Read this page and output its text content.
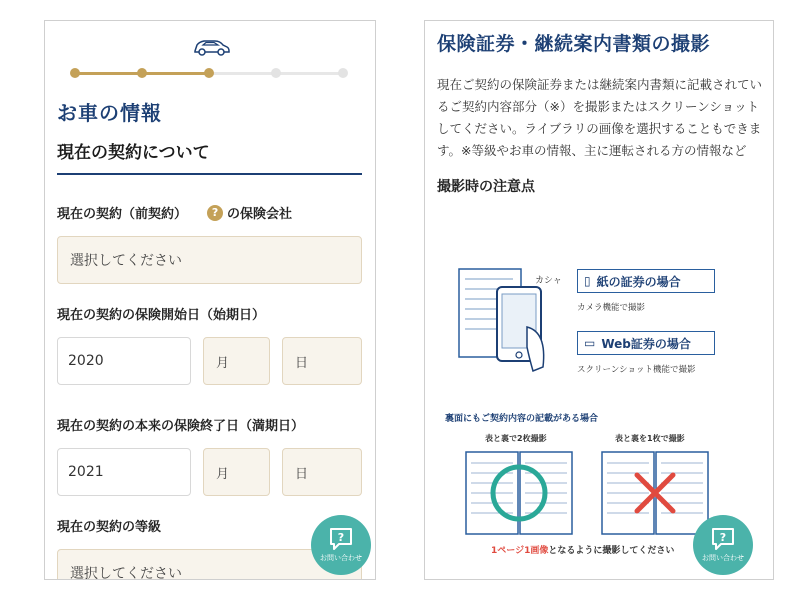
お車の情報
現在の契約について
現在の契約（前契約）	? の保険会社
選択してください
現在の契約の保険開始日（始期日）
2020	月	日
現在の契約の本来の保険終了日（満期日）
2021	月	日
現在の契約の等級
選択してください
?
お問い合わせ
保険証券・継続案内書類の撮影
現在ご契約の保険証券または継続案内書類に記載されているご契約内容部分（※）を撮影またはスクリーンショットしてください。ライブラリの画像を選択することもできます。※等級やお車の情報、主に運転される方の情報など
撮影時の注意点
カシャ ▯ 紙の証券の場合
カメラ機能で撮影
▭ Web証券の場合
スクリーンショット機能で撮影
裏面にもご契約内容の記載がある場合
表と裏で2枚撮影	表と裏を1枚で撮影
1ページ1画像となるように撮影してください
?
お問い合わせ
